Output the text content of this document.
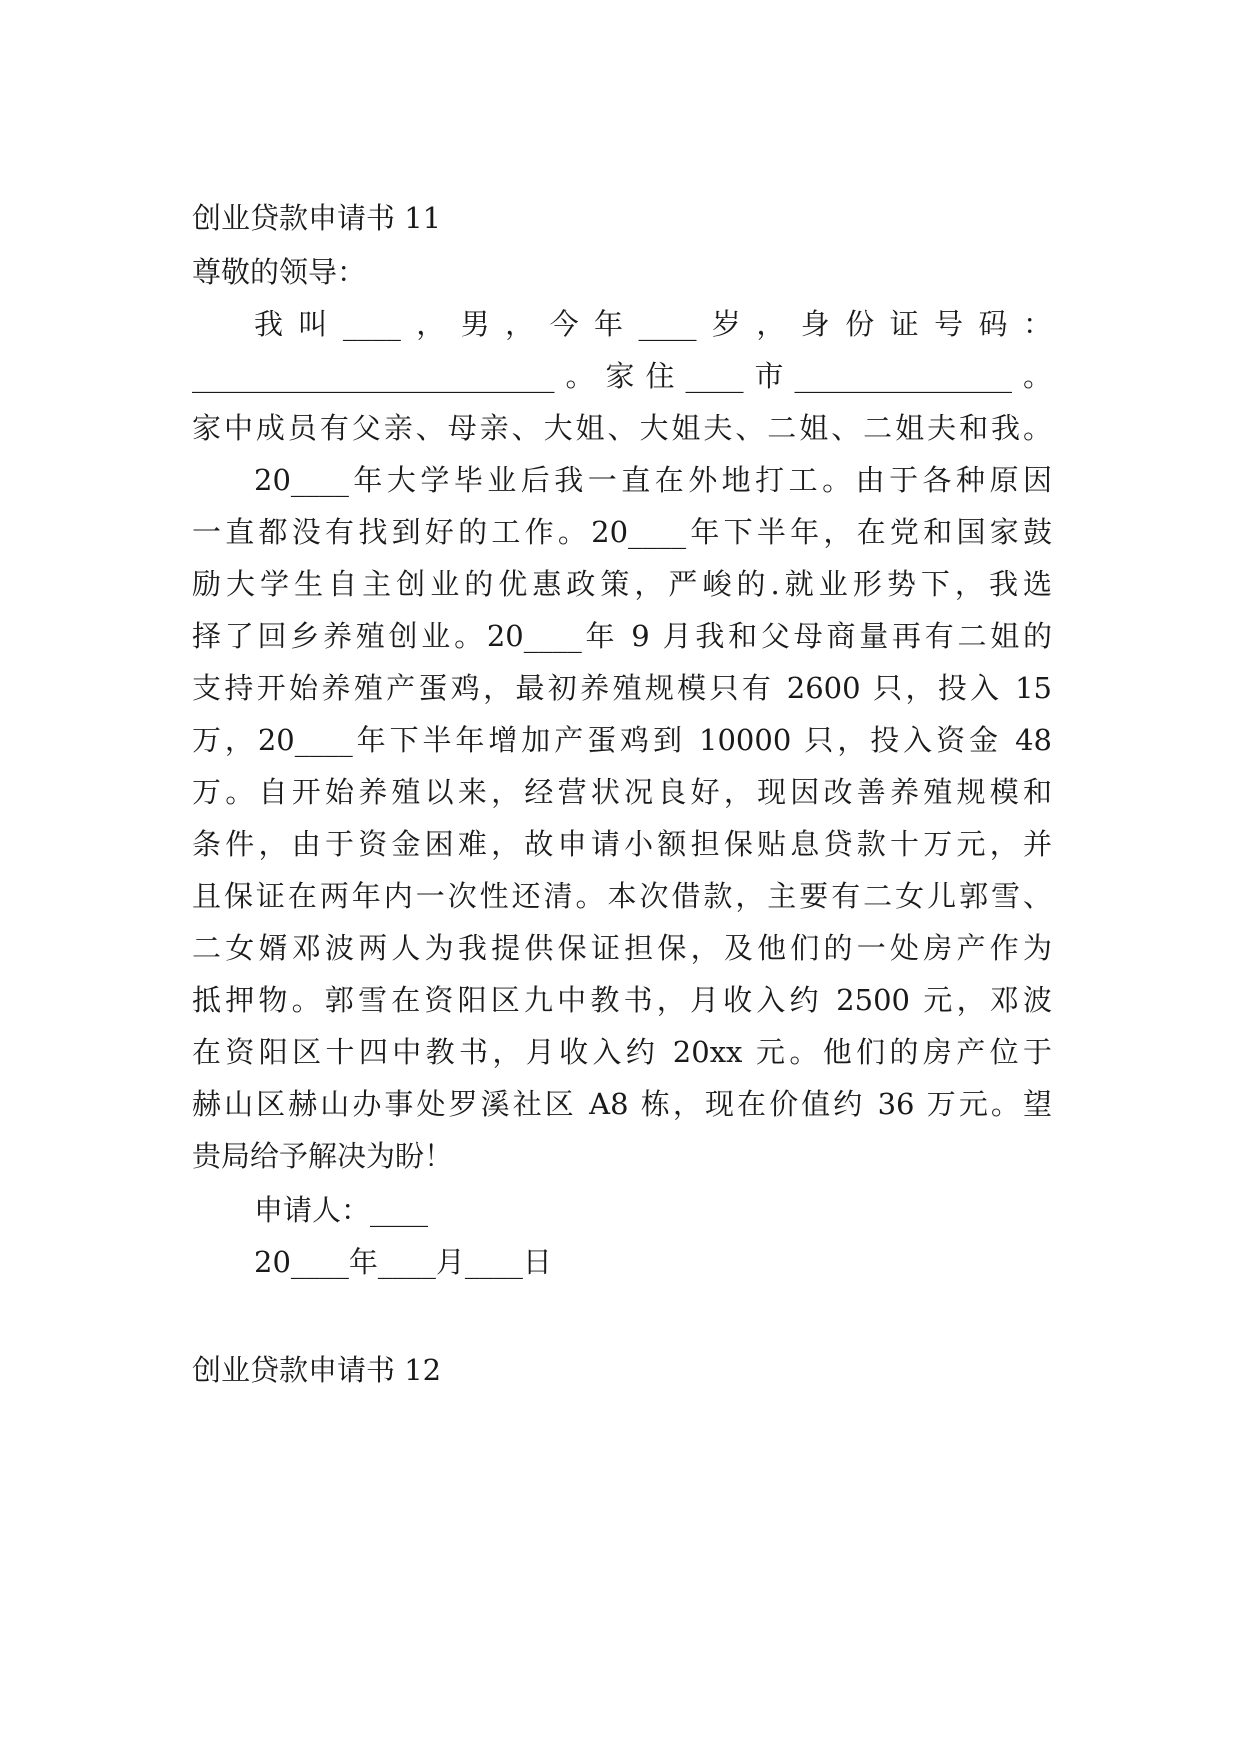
创业贷款申请书 11
尊敬的领导：
我叫____，男，今年____岁，身份证号码：
_________________________。家住____市_______________。
家中成员有父亲、母亲、大姐、大姐夫、二姐、二姐夫和我。
20____年大学毕业后我一直在外地打工。由于各种原因
一直都没有找到好的工作。20____年下半年，在党和国家鼓
励大学生自主创业的优惠政策，严峻的.就业形势下，我选
择了回乡养殖创业。20____年 9 月我和父母商量再有二姐的
支持开始养殖产蛋鸡，最初养殖规模只有 2600 只，投入 15
万，20____年下半年增加产蛋鸡到 10000 只，投入资金 48
万。自开始养殖以来，经营状况良好，现因改善养殖规模和
条件，由于资金困难，故申请小额担保贴息贷款十万元，并
且保证在两年内一次性还清。本次借款，主要有二女儿郭雪、
二女婿邓波两人为我提供保证担保，及他们的一处房产作为
抵押物。郭雪在资阳区九中教书，月收入约 2500 元，邓波
在资阳区十四中教书，月收入约 20xx 元。他们的房产位于
赫山区赫山办事处罗溪社区 A8 栋，现在价值约 36 万元。望
贵局给予解决为盼！
申请人：____
20____年____月____日
创业贷款申请书 12
